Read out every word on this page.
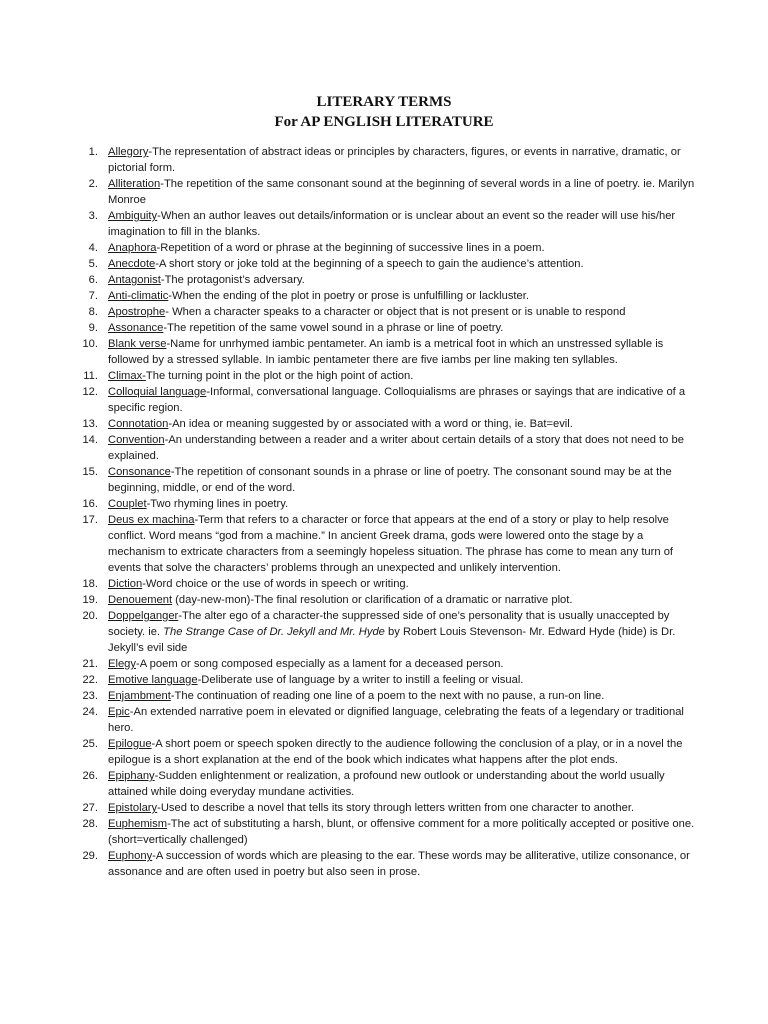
LITERARY TERMS
For AP ENGLISH LITERATURE
1. Allegory-The representation of abstract ideas or principles by characters, figures, or events in narrative, dramatic, or pictorial form.
2. Alliteration-The repetition of the same consonant sound at the beginning of several words in a line of poetry. ie. Marilyn Monroe
3. Ambiguity-When an author leaves out details/information or is unclear about an event so the reader will use his/her imagination to fill in the blanks.
4. Anaphora-Repetition of a word or phrase at the beginning of successive lines in a poem.
5. Anecdote-A short story or joke told at the beginning of a speech to gain the audience’s attention.
6. Antagonist-The protagonist’s adversary.
7. Anti-climatic-When the ending of the plot in poetry or prose is unfulfilling or lackluster.
8. Apostrophe- When a character speaks to a character or object that is not present or is unable to respond
9. Assonance-The repetition of the same vowel sound in a phrase or line of poetry.
10. Blank verse-Name for unrhymed iambic pentameter. An iamb is a metrical foot in which an unstressed syllable is followed by a stressed syllable. In iambic pentameter there are five iambs per line making ten syllables.
11. Climax-The turning point in the plot or the high point of action.
12. Colloquial language-Informal, conversational language. Colloquialisms are phrases or sayings that are indicative of a specific region.
13. Connotation-An idea or meaning suggested by or associated with a word or thing, ie. Bat=evil.
14. Convention-An understanding between a reader and a writer about certain details of a story that does not need to be explained.
15. Consonance-The repetition of consonant sounds in a phrase or line of poetry. The consonant sound may be at the beginning, middle, or end of the word.
16. Couplet-Two rhyming lines in poetry.
17. Deus ex machina-Term that refers to a character or force that appears at the end of a story or play to help resolve conflict. Word means “god from a machine.” In ancient Greek drama, gods were lowered onto the stage by a mechanism to extricate characters from a seemingly hopeless situation. The phrase has come to mean any turn of events that solve the characters’ problems through an unexpected and unlikely intervention.
18. Diction-Word choice or the use of words in speech or writing.
19. Denouement (day-new-mon)-The final resolution or clarification of a dramatic or narrative plot.
20. Doppelganger-The alter ego of a character-the suppressed side of one’s personality that is usually unaccepted by society. ie. The Strange Case of Dr. Jekyll and Mr. Hyde by Robert Louis Stevenson- Mr. Edward Hyde (hide) is Dr. Jekyll’s evil side
21. Elegy-A poem or song composed especially as a lament for a deceased person.
22. Emotive language-Deliberate use of language by a writer to instill a feeling or visual.
23. Enjambment-The continuation of reading one line of a poem to the next with no pause, a run-on line.
24. Epic-An extended narrative poem in elevated or dignified language, celebrating the feats of a legendary or traditional hero.
25. Epilogue-A short poem or speech spoken directly to the audience following the conclusion of a play, or in a novel the epilogue is a short explanation at the end of the book which indicates what happens after the plot ends.
26. Epiphany-Sudden enlightenment or realization, a profound new outlook or understanding about the world usually attained while doing everyday mundane activities.
27. Epistolary-Used to describe a novel that tells its story through letters written from one character to another.
28. Euphemism-The act of substituting a harsh, blunt, or offensive comment for a more politically accepted or positive one. (short=vertically challenged)
29. Euphony-A succession of words which are pleasing to the ear. These words may be alliterative, utilize consonance, or assonance and are often used in poetry but also seen in prose.
